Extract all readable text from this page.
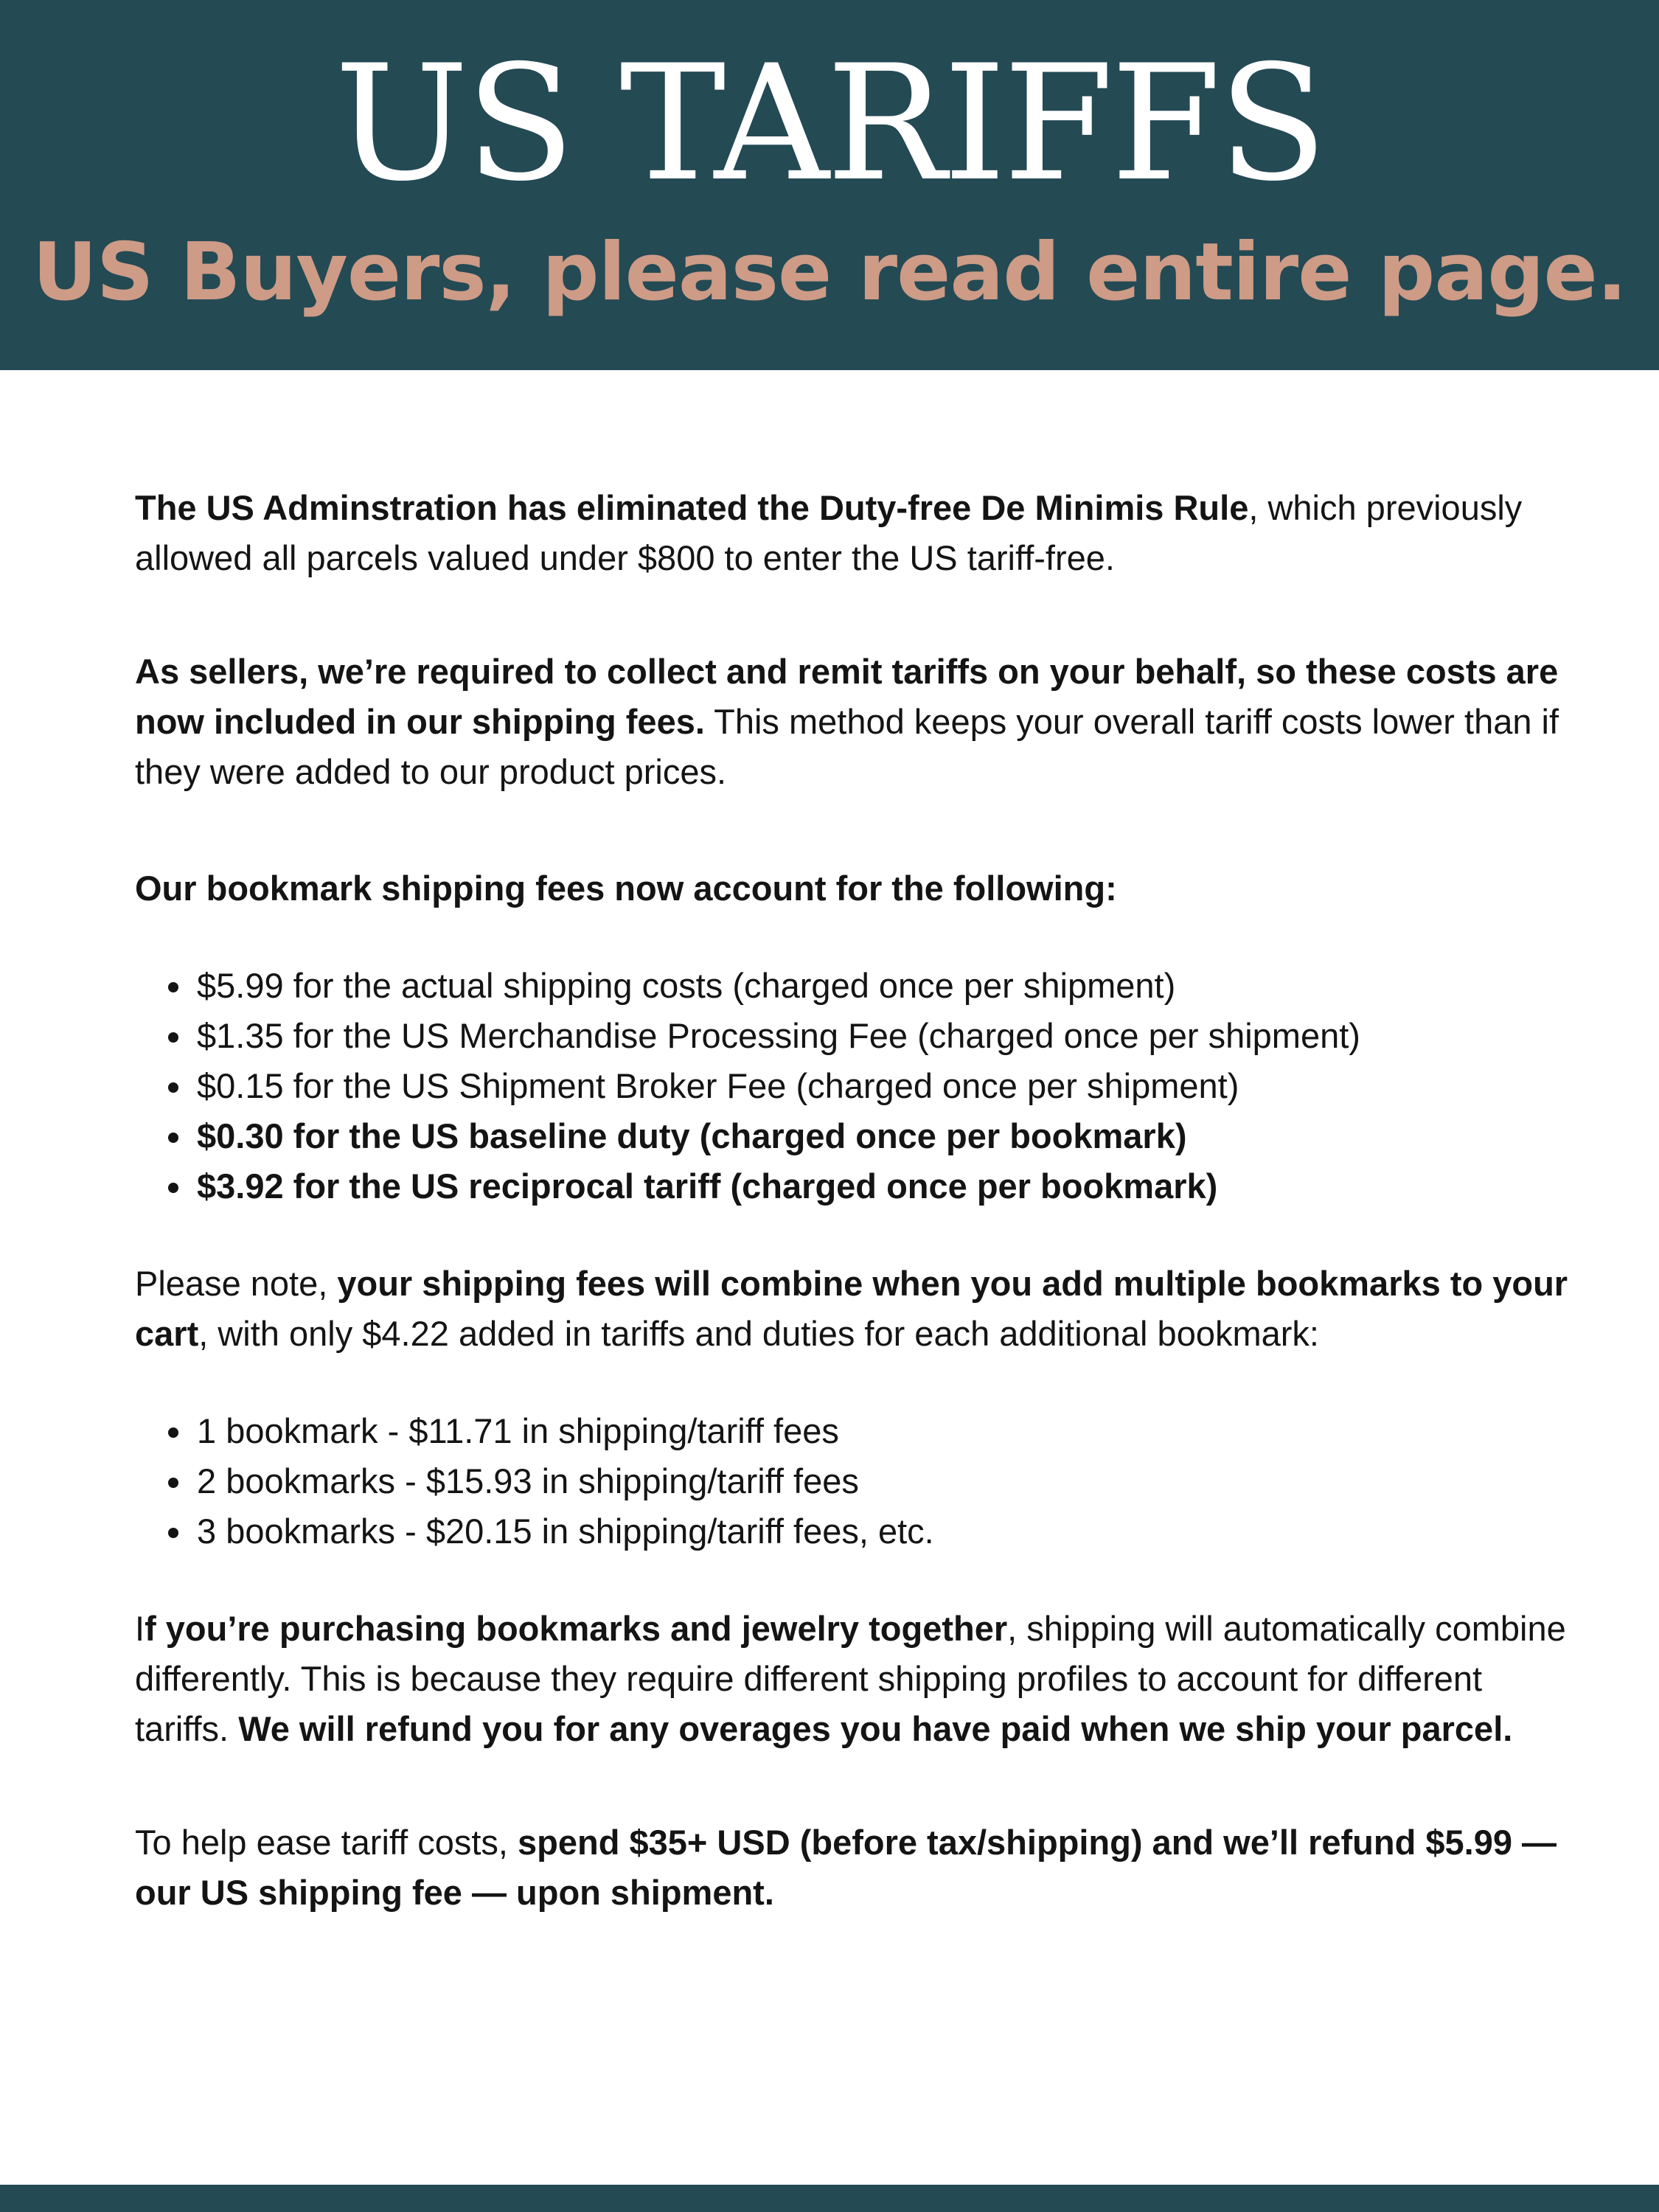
US TARIFFS
US Buyers, please read entire page.

The US Adminstration has eliminated the Duty-free De Minimis Rule, which previously allowed all parcels valued under $800 to enter the US tariff-free.

As sellers, we’re required to collect and remit tariffs on your behalf, so these costs are now included in our shipping fees. This method keeps your overall tariff costs lower than if they were added to our product prices.

Our bookmark shipping fees now account for the following:

• $5.99 for the actual shipping costs (charged once per shipment)
• $1.35 for the US Merchandise Processing Fee (charged once per shipment)
• $0.15 for the US Shipment Broker Fee (charged once per shipment)
• $0.30 for the US baseline duty (charged once per bookmark)
• $3.92 for the US reciprocal tariff (charged once per bookmark)

Please note, your shipping fees will combine when you add multiple bookmarks to your cart, with only $4.22 added in tariffs and duties for each additional bookmark:

• 1 bookmark - $11.71 in shipping/tariff fees
• 2 bookmarks - $15.93 in shipping/tariff fees
• 3 bookmarks - $20.15 in shipping/tariff fees, etc.

If you’re purchasing bookmarks and jewelry together, shipping will automatically combine differently. This is because they require different shipping profiles to account for different tariffs. We will refund you for any overages you have paid when we ship your parcel.

To help ease tariff costs, spend $35+ USD (before tax/shipping) and we’ll refund $5.99 — our US shipping fee — upon shipment.
